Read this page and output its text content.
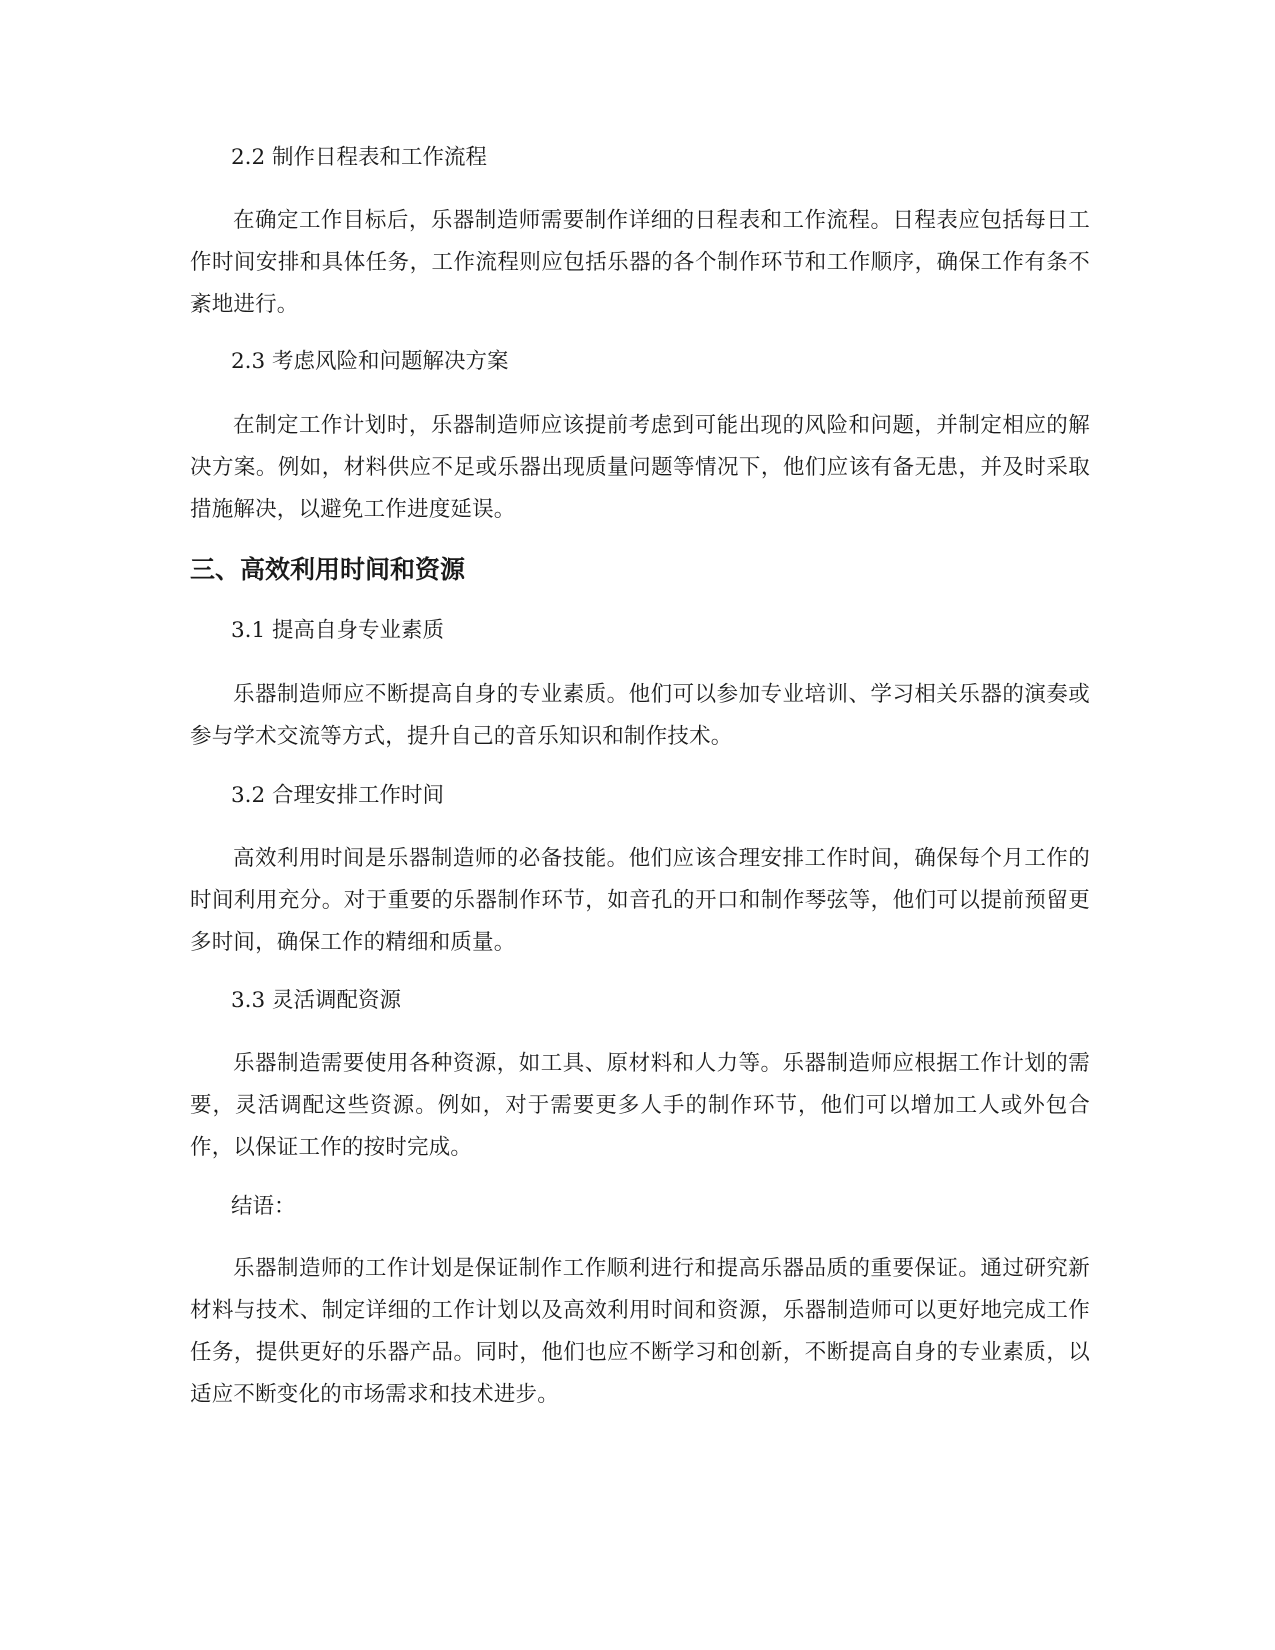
2.2 制作日程表和工作流程

在确定工作目标后，乐器制造师需要制作详细的日程表和工作流程。日程表应包括每日工作时间安排和具体任务，工作流程则应包括乐器的各个制作环节和工作顺序，确保工作有条不紊地进行。

2.3 考虑风险和问题解决方案

在制定工作计划时，乐器制造师应该提前考虑到可能出现的风险和问题，并制定相应的解决方案。例如，材料供应不足或乐器出现质量问题等情况下，他们应该有备无患，并及时采取措施解决，以避免工作进度延误。

三、高效利用时间和资源

3.1 提高自身专业素质

乐器制造师应不断提高自身的专业素质。他们可以参加专业培训、学习相关乐器的演奏或参与学术交流等方式，提升自己的音乐知识和制作技术。

3.2 合理安排工作时间

高效利用时间是乐器制造师的必备技能。他们应该合理安排工作时间，确保每个月工作的时间利用充分。对于重要的乐器制作环节，如音孔的开口和制作琴弦等，他们可以提前预留更多时间，确保工作的精细和质量。

3.3 灵活调配资源

乐器制造需要使用各种资源，如工具、原材料和人力等。乐器制造师应根据工作计划的需要，灵活调配这些资源。例如，对于需要更多人手的制作环节，他们可以增加工人或外包合作，以保证工作的按时完成。

结语：

乐器制造师的工作计划是保证制作工作顺利进行和提高乐器品质的重要保证。通过研究新材料与技术、制定详细的工作计划以及高效利用时间和资源，乐器制造师可以更好地完成工作任务，提供更好的乐器产品。同时，他们也应不断学习和创新，不断提高自身的专业素质，以适应不断变化的市场需求和技术进步。
